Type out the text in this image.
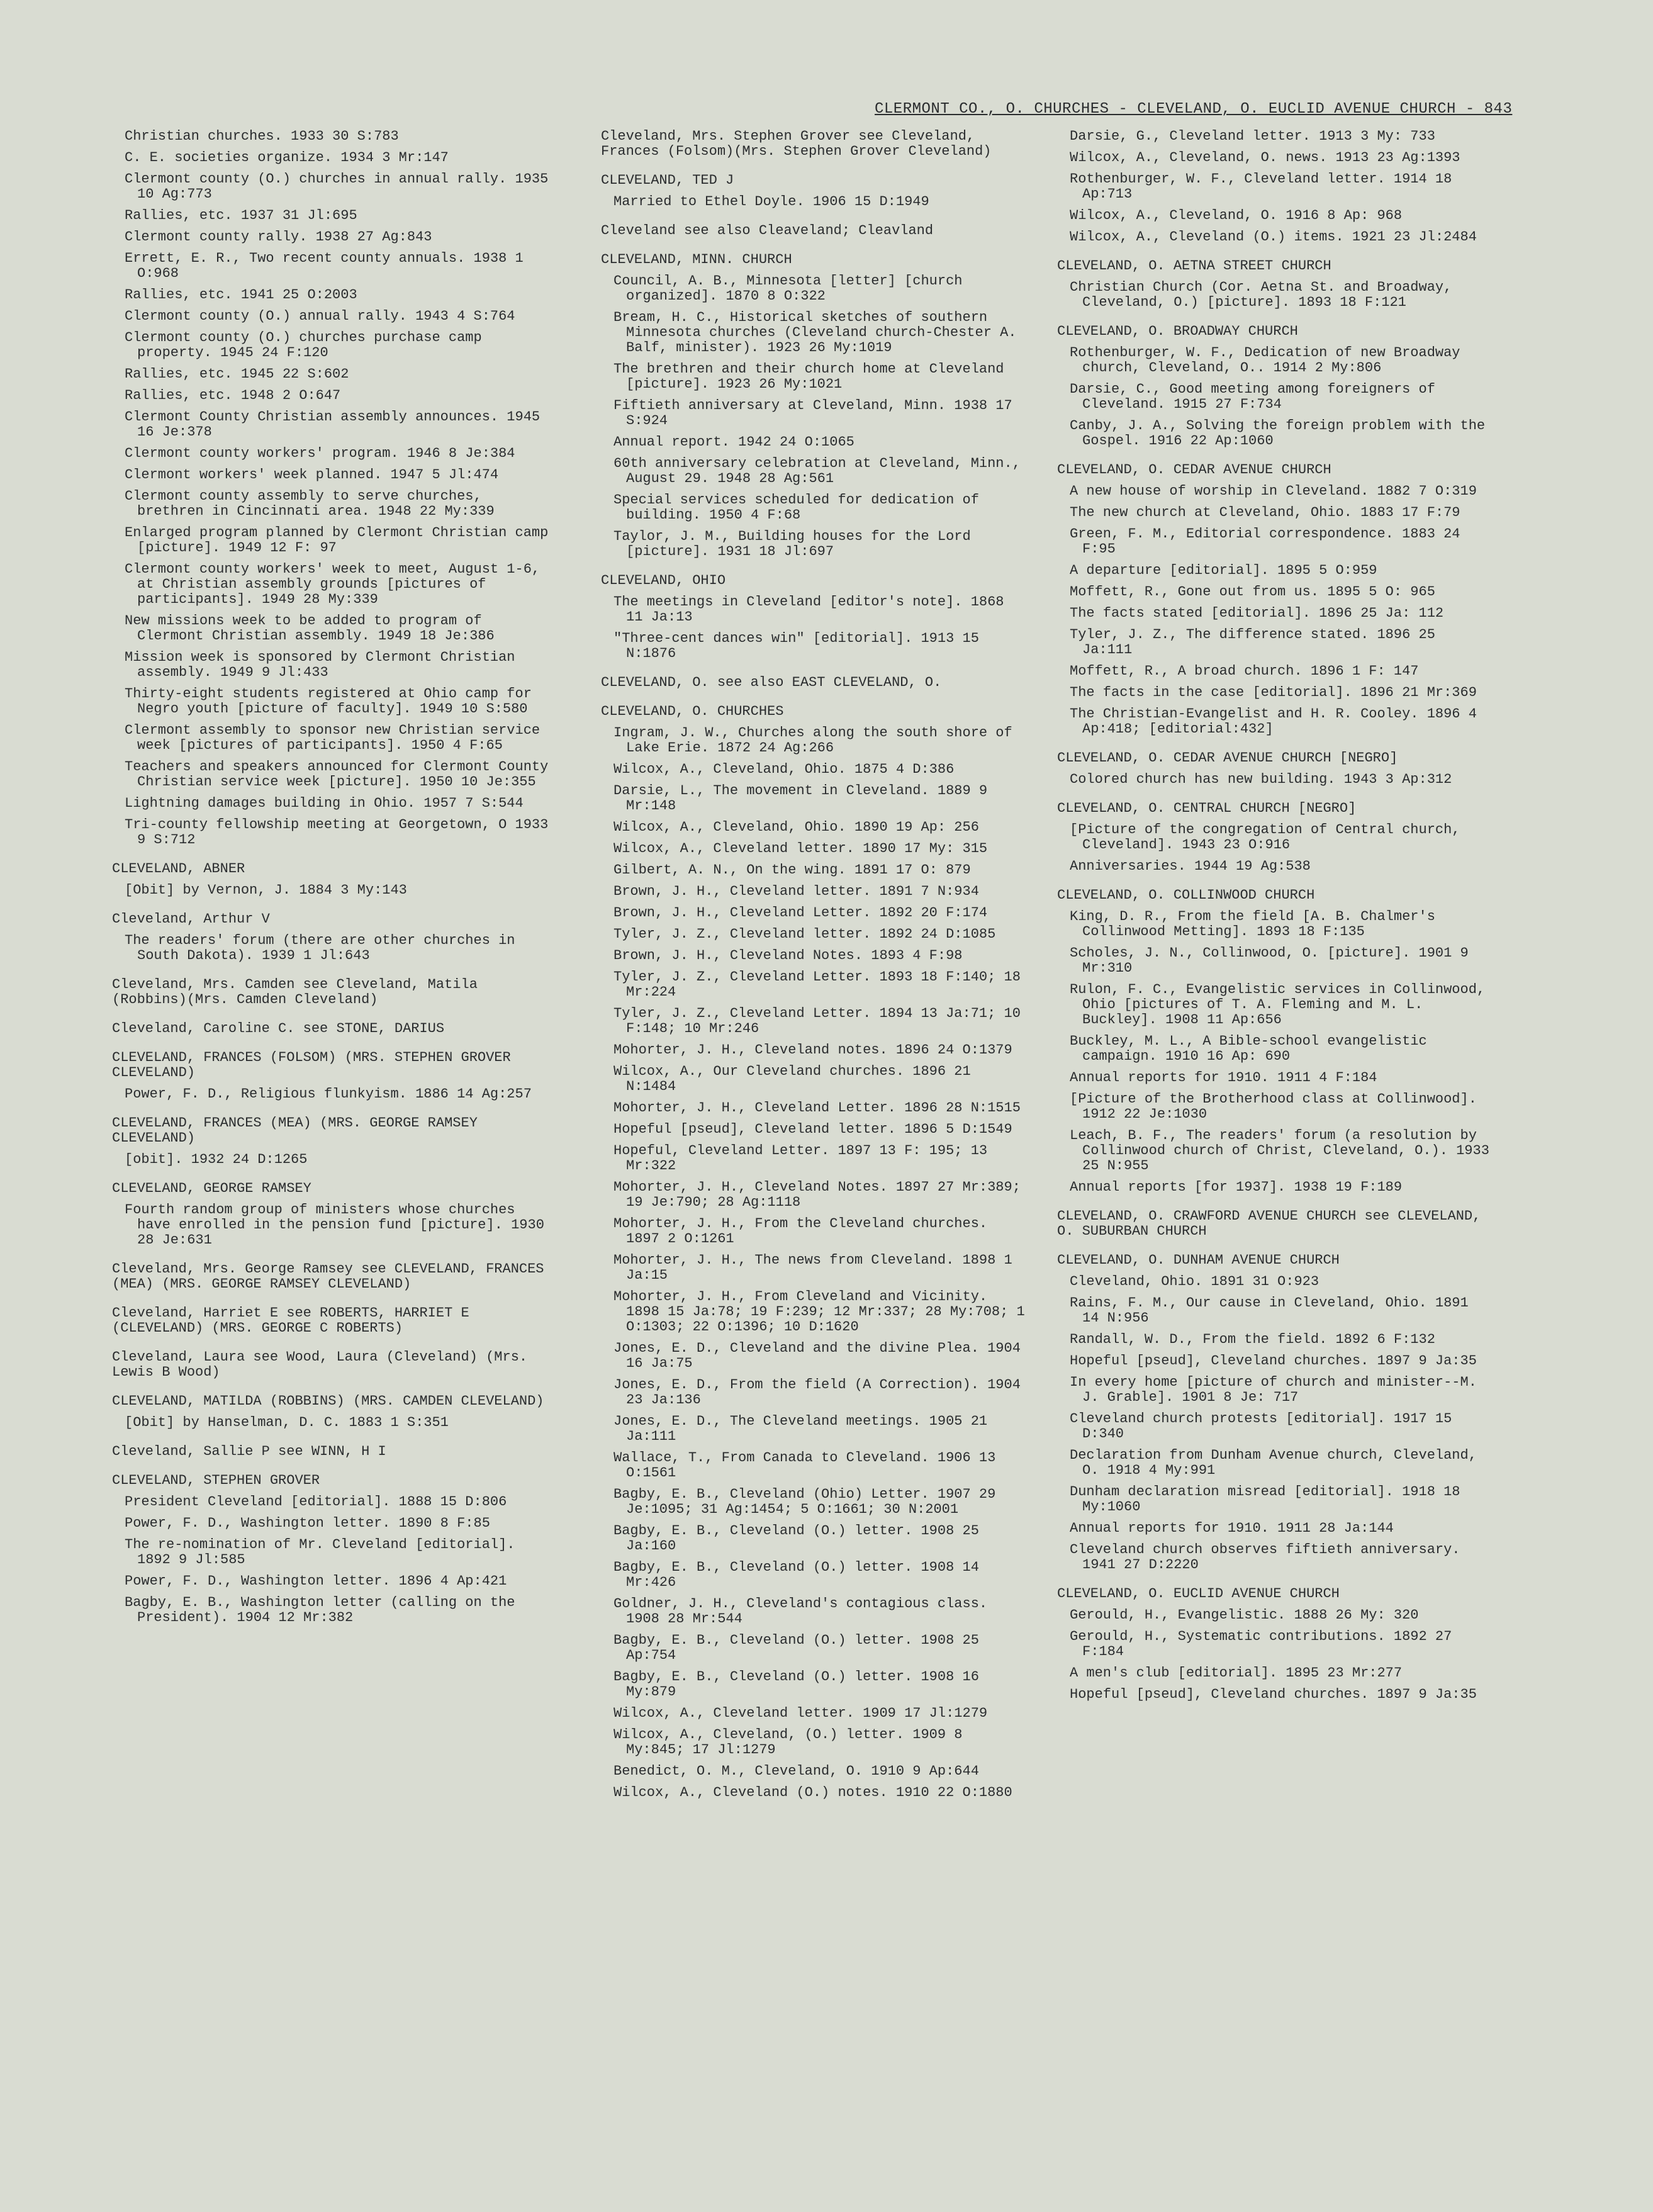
CLERMONT CO., O. CHURCHES - CLEVELAND, O. EUCLID AVENUE CHURCH - 843
Christian churches. 1933 30 S:783
C. E. societies organize. 1934 3 Mr:147
Clermont county (O.) churches in annual rally. 1935 10 Ag:773
Rallies, etc. 1937 31 Jl:695
Clermont county rally. 1938 27 Ag:843
Errett, E. R., Two recent county annuals. 1938 1 O:968
Rallies, etc. 1941 25 O:2003
Clermont county (O.) annual rally. 1943 4 S:764
Clermont county (O.) churches purchase camp property. 1945 24 F:120
Rallies, etc. 1945 22 S:602
Rallies, etc. 1948 2 O:647
Clermont County Christian assembly announces. 1945 16 Je:378
Clermont county workers' program. 1946 8 Je:384
Clermont workers' week planned. 1947 5 Jl:474
Clermont county assembly to serve churches, brethren in Cincinnati area. 1948 22 My:339
Enlarged program planned by Clermont Christian camp [picture]. 1949 12 F: 97
Clermont county workers' week to meet, August 1-6, at Christian assembly grounds [pictures of participants]. 1949 28 My:339
New missions week to be added to program of Clermont Christian assembly. 1949 18 Je:386
Mission week is sponsored by Clermont Christian assembly. 1949 9 Jl:433
Thirty-eight students registered at Ohio camp for Negro youth [picture of faculty]. 1949 10 S:580
Clermont assembly to sponsor new Christian service week [pictures of participants]. 1950 4 F:65
Teachers and speakers announced for Clermont County Christian service week [picture]. 1950 10 Je:355
Lightning damages building in Ohio. 1957 7 S:544
Tri-county fellowship meeting at Georgetown, O 1933 9 S:712
CLEVELAND, ABNER
[Obit] by Vernon, J. 1884 3 My:143
Cleveland, Arthur V
The readers' forum (there are other churches in South Dakota). 1939 1 Jl:643
Cleveland, Mrs. Camden see Cleveland, Matila (Robbins)(Mrs. Camden Cleveland)
Cleveland, Caroline C. see STONE, DARIUS
CLEVELAND, FRANCES (FOLSOM) (MRS. STEPHEN GROVER CLEVELAND)
Power, F. D., Religious flunkyism. 1886 14 Ag:257
CLEVELAND, FRANCES (MEA) (MRS. GEORGE RAMSEY CLEVELAND)
[obit]. 1932 24 D:1265
CLEVELAND, GEORGE RAMSEY
Fourth random group of ministers whose churches have enrolled in the pension fund [picture]. 1930 28 Je:631
Cleveland, Mrs. George Ramsey see CLEVELAND, FRANCES (MEA) (MRS. GEORGE RAMSEY CLEVELAND)
Cleveland, Harriet E see ROBERTS, HARRIET E (CLEVELAND) (MRS. GEORGE C ROBERTS)
Cleveland, Laura see Wood, Laura (Cleveland) (Mrs. Lewis B Wood)
CLEVELAND, MATILDA (ROBBINS) (MRS. CAMDEN CLEVELAND)
[Obit] by Hanselman, D. C. 1883 1 S:351
Cleveland, Sallie P see WINN, H I
CLEVELAND, STEPHEN GROVER
President Cleveland [editorial]. 1888 15 D:806
Power, F. D., Washington letter. 1890 8 F:85
The re-nomination of Mr. Cleveland [editorial]. 1892 9 Jl:585
Power, F. D., Washington letter. 1896 4 Ap:421
Bagby, E. B., Washington letter (calling on the President). 1904 12 Mr:382
Cleveland, Mrs. Stephen Grover see Cleveland, Frances (Folsom)(Mrs. Stephen Grover Cleveland)
CLEVELAND, TED J
Married to Ethel Doyle. 1906 15 D:1949
Cleveland see also Cleaveland; Cleavland
CLEVELAND, MINN. CHURCH
Council, A. B., Minnesota [letter] [church organized]. 1870 8 O:322
Bream, H. C., Historical sketches of southern Minnesota churches (Cleveland church-Chester A. Balf, minister). 1923 26 My:1019
The brethren and their church home at Cleveland [picture]. 1923 26 My:1021
Fiftieth anniversary at Cleveland, Minn. 1938 17 S:924
Annual report. 1942 24 O:1065
60th anniversary celebration at Cleveland, Minn., August 29. 1948 28 Ag:561
Special services scheduled for dedication of building. 1950 4 F:68
Taylor, J. M., Building houses for the Lord [picture]. 1931 18 Jl:697
CLEVELAND, OHIO
The meetings in Cleveland [editor's note]. 1868 11 Ja:13
"Three-cent dances win" [editorial]. 1913 15 N:1876
CLEVELAND, O. see also EAST CLEVELAND, O.
CLEVELAND, O. CHURCHES
Ingram, J. W., Churches along the south shore of Lake Erie. 1872 24 Ag:266
Wilcox, A., Cleveland, Ohio. 1875 4 D:386
Darsie, L., The movement in Cleveland. 1889 9 Mr:148
Wilcox, A., Cleveland, Ohio. 1890 19 Ap: 256
Wilcox, A., Cleveland letter. 1890 17 My: 315
Gilbert, A. N., On the wing. 1891 17 O: 879
Brown, J. H., Cleveland letter. 1891 7 N:934
Brown, J. H., Cleveland Letter. 1892 20 F:174
Tyler, J. Z., Cleveland letter. 1892 24 D:1085
Brown, J. H., Cleveland Notes. 1893 4 F:98
Tyler, J. Z., Cleveland Letter. 1893 18 F:140; 18 Mr:224
Tyler, J. Z., Cleveland Letter. 1894 13 Ja:71; 10 F:148; 10 Mr:246
Mohorter, J. H., Cleveland notes. 1896 24 O:1379
Wilcox, A., Our Cleveland churches. 1896 21 N:1484
Mohorter, J. H., Cleveland Letter. 1896 28 N:1515
Hopeful [pseud], Cleveland letter. 1896 5 D:1549
Hopeful, Cleveland Letter. 1897 13 F: 195; 13 Mr:322
Mohorter, J. H., Cleveland Notes. 1897 27 Mr:389; 19 Je:790; 28 Ag:1118
Mohorter, J. H., From the Cleveland churches. 1897 2 O:1261
Mohorter, J. H., The news from Cleveland. 1898 1 Ja:15
Mohorter, J. H., From Cleveland and Vicinity. 1898 15 Ja:78; 19 F:239; 12 Mr:337; 28 My:708; 1 O:1303; 22 O:1396; 10 D:1620
Jones, E. D., Cleveland and the divine Plea. 1904 16 Ja:75
Jones, E. D., From the field (A Correction). 1904 23 Ja:136
Jones, E. D., The Cleveland meetings. 1905 21 Ja:111
Wallace, T., From Canada to Cleveland. 1906 13 O:1561
Bagby, E. B., Cleveland (Ohio) Letter. 1907 29 Je:1095; 31 Ag:1454; 5 O:1661; 30 N:2001
Bagby, E. B., Cleveland (O.) letter. 1908 25 Ja:160
Bagby, E. B., Cleveland (O.) letter. 1908 14 Mr:426
Goldner, J. H., Cleveland's contagious class. 1908 28 Mr:544
Bagby, E. B., Cleveland (O.) letter. 1908 25 Ap:754
Bagby, E. B., Cleveland (O.) letter. 1908 16 My:879
Wilcox, A., Cleveland letter. 1909 17 Jl:1279
Wilcox, A., Cleveland, (O.) letter. 1909 8 My:845; 17 Jl:1279
Benedict, O. M., Cleveland, O. 1910 9 Ap:644
Wilcox, A., Cleveland (O.) notes. 1910 22 O:1880
Darsie, G., Cleveland letter. 1913 3 My: 733
Wilcox, A., Cleveland, O. news. 1913 23 Ag:1393
Rothenburger, W. F., Cleveland letter. 1914 18 Ap:713
Wilcox, A., Cleveland, O. 1916 8 Ap: 968
Wilcox, A., Cleveland (O.) items. 1921 23 Jl:2484
CLEVELAND, O. AETNA STREET CHURCH
Christian Church (Cor. Aetna St. and Broadway, Cleveland, O.) [picture]. 1893 18 F:121
CLEVELAND, O. BROADWAY CHURCH
Rothenburger, W. F., Dedication of new Broadway church, Cleveland, O.. 1914 2 My:806
Darsie, C., Good meeting among foreigners of Cleveland. 1915 27 F:734
Canby, J. A., Solving the foreign problem with the Gospel. 1916 22 Ap:1060
CLEVELAND, O. CEDAR AVENUE CHURCH
A new house of worship in Cleveland. 1882 7 O:319
The new church at Cleveland, Ohio. 1883 17 F:79
Green, F. M., Editorial correspondence. 1883 24 F:95
A departure [editorial]. 1895 5 O:959
Moffett, R., Gone out from us. 1895 5 O: 965
The facts stated [editorial]. 1896 25 Ja: 112
Tyler, J. Z., The difference stated. 1896 25 Ja:111
Moffett, R., A broad church. 1896 1 F: 147
The facts in the case [editorial]. 1896 21 Mr:369
The Christian-Evangelist and H. R. Cooley. 1896 4 Ap:418; [editorial:432]
CLEVELAND, O. CEDAR AVENUE CHURCH [NEGRO]
Colored church has new building. 1943 3 Ap:312
CLEVELAND, O. CENTRAL CHURCH [NEGRO]
[Picture of the congregation of Central church, Cleveland]. 1943 23 O:916
Anniversaries. 1944 19 Ag:538
CLEVELAND, O. COLLINWOOD CHURCH
King, D. R., From the field [A. B. Chalmer's Collinwood Metting]. 1893 18 F:135
Scholes, J. N., Collinwood, O. [picture]. 1901 9 Mr:310
Rulon, F. C., Evangelistic services in Collinwood, Ohio [pictures of T. A. Fleming and M. L. Buckley]. 1908 11 Ap:656
Buckley, M. L., A Bible-school evangelistic campaign. 1910 16 Ap: 690
Annual reports for 1910. 1911 4 F:184
[Picture of the Brotherhood class at Collinwood]. 1912 22 Je:1030
Leach, B. F., The readers' forum (a resolution by Collinwood church of Christ, Cleveland, O.). 1933 25 N:955
Annual reports [for 1937]. 1938 19 F:189
CLEVELAND, O. CRAWFORD AVENUE CHURCH see CLEVELAND, O. SUBURBAN CHURCH
CLEVELAND, O. DUNHAM AVENUE CHURCH
Cleveland, Ohio. 1891 31 O:923
Rains, F. M., Our cause in Cleveland, Ohio. 1891 14 N:956
Randall, W. D., From the field. 1892 6 F:132
Hopeful [pseud], Cleveland churches. 1897 9 Ja:35
In every home [picture of church and minister--M. J. Grable]. 1901 8 Je: 717
Cleveland church protests [editorial]. 1917 15 D:340
Declaration from Dunham Avenue church, Cleveland, O. 1918 4 My:991
Dunham declaration misread [editorial]. 1918 18 My:1060
Annual reports for 1910. 1911 28 Ja:144
Cleveland church observes fiftieth anniversary. 1941 27 D:2220
CLEVELAND, O. EUCLID AVENUE CHURCH
Gerould, H., Evangelistic. 1888 26 My: 320
Gerould, H., Systematic contributions. 1892 27 F:184
A men's club [editorial]. 1895 23 Mr:277
Hopeful [pseud], Cleveland churches. 1897 9 Ja:35
